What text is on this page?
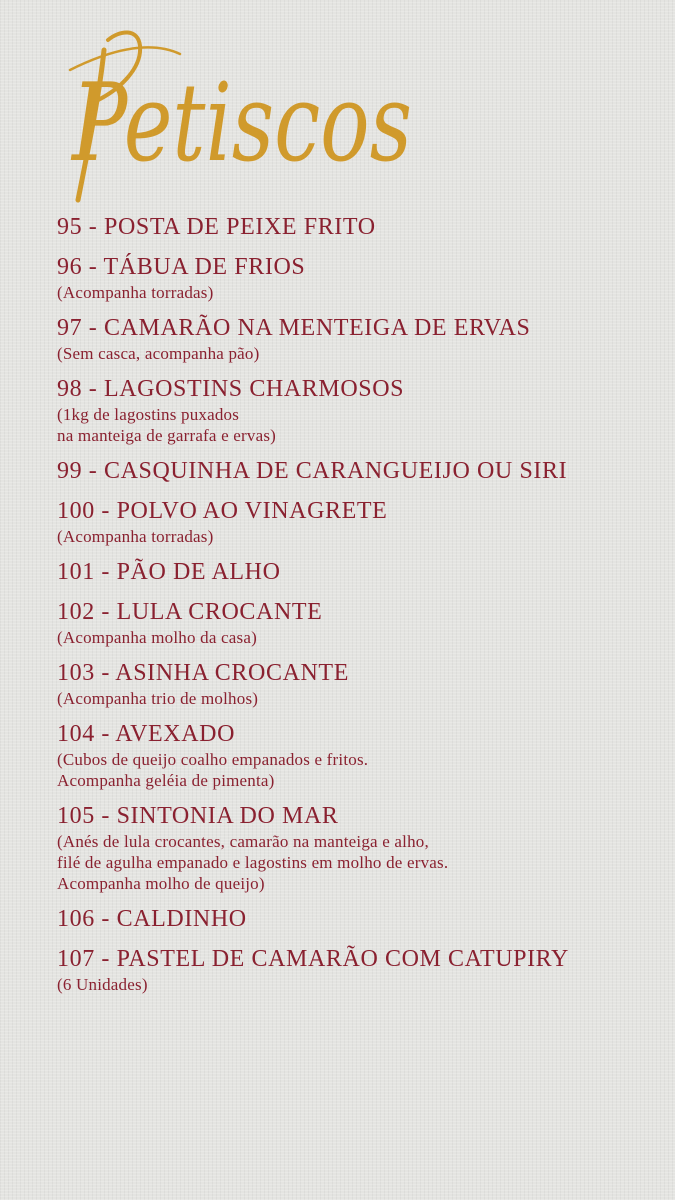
Petiscos
95 - POSTA DE PEIXE FRITO
96 - TÁBUA DE FRIOS
(Acompanha torradas)
97 - CAMARÃO NA MENTEIGA DE ERVAS
(Sem casca, acompanha pão)
98 - LAGOSTINS CHARMOSOS
(1kg de lagostins puxados
na manteiga de garrafa e ervas)
99 - CASQUINHA DE CARANGUEIJO OU SIRI
100 - POLVO AO VINAGRETE
(Acompanha torradas)
101 - PÃO DE ALHO
102 - LULA CROCANTE
(Acompanha molho da casa)
103 - ASINHA CROCANTE
(Acompanha trio de molhos)
104 - AVEXADO
(Cubos de queijo coalho empanados e fritos.
Acompanha geléia de pimenta)
105 - SINTONIA DO MAR
(Anés de lula crocantes, camarão na manteiga e alho,
filé de agulha empanado e lagostins em molho de ervas.
Acompanha molho de queijo)
106 - CALDINHO
107 - PASTEL DE CAMARÃO COM CATUPIRY
(6 Unidades)
